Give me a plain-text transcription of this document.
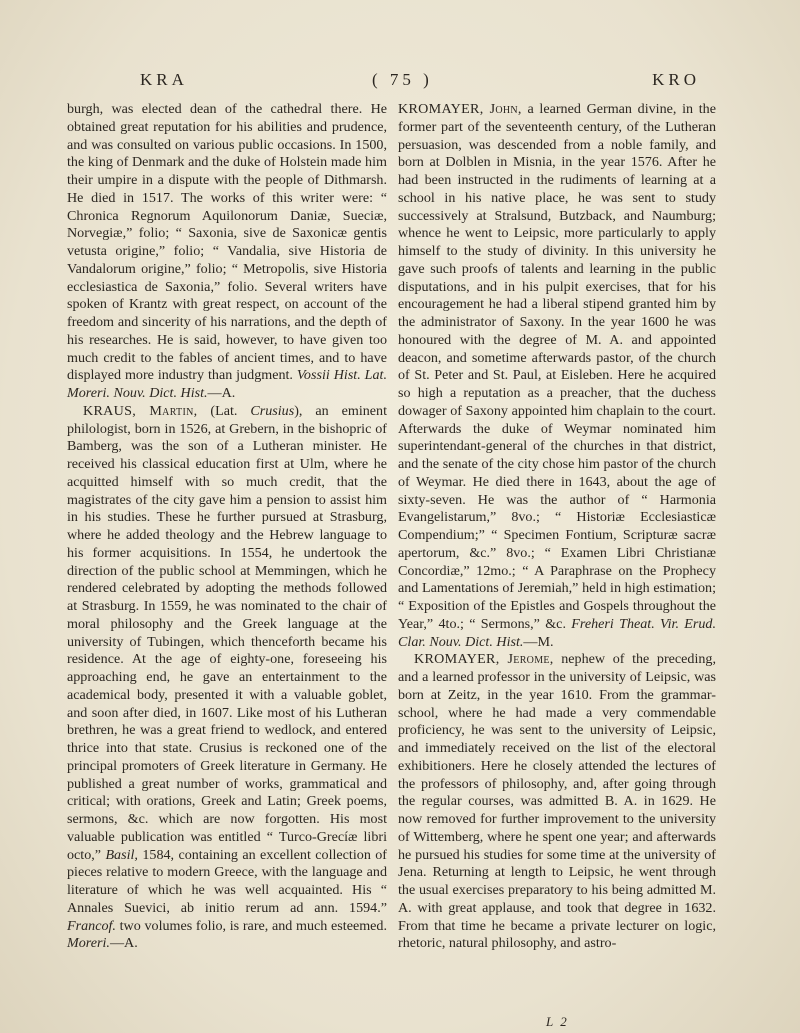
KRA	( 75 )	KRO

burgh, was elected dean of the cathedral there. He obtained great reputation for his abilities and prudence, and was consulted on various public occasions. In 1500, the king of Denmark and the duke of Holstein made him their umpire in a dispute with the people of Dithmarsh. He died in 1517. The works of this writer were: “ Chronica Regnorum Aquilonorum Daniæ, Sueciæ, Norvegiæ,” folio; “ Saxonia, sive de Saxonicæ gentis vetusta origine,” folio; “ Vandalia, sive Historia de Vandalorum origine,” folio; “ Metropolis, sive Historia ecclesiastica de Saxonia,” folio. Several writers have spoken of Krantz with great respect, on account of the freedom and sincerity of his narrations, and the depth of his researches. He is said, however, to have given too much credit to the fables of ancient times, and to have displayed more industry than judgment. Vossii Hist. Lat. Moreri. Nouv. Dict. Hist.—A.

KRAUS, Martin, (Lat. Crusius), an eminent philologist, born in 1526, at Grebern, in the bishopric of Bamberg, was the son of a Lutheran minister. He received his classical education first at Ulm, where he acquitted himself with so much credit, that the magistrates of the city gave him a pension to assist him in his studies. These he further pursued at Strasburg, where he added theology and the Hebrew language to his former acquisitions. In 1554, he undertook the direction of the public school at Memmingen, which he rendered celebrated by adopting the methods followed at Strasburg. In 1559, he was nominated to the chair of moral philosophy and the Greek language at the university of Tubingen, which thenceforth became his residence. At the age of eighty-one, foreseeing his approaching end, he gave an entertainment to the academical body, presented it with a valuable goblet, and soon after died, in 1607. Like most of his Lutheran brethren, he was a great friend to wedlock, and entered thrice into that state. Crusius is reckoned one of the principal promoters of Greek literature in Germany. He published a great number of works, grammatical and critical; with orations, Greek and Latin; Greek poems, sermons, &c. which are now forgotten. His most valuable publication was entitled “ Turco-Grecíæ libri octo,” Basil, 1584, containing an excellent collection of pieces relative to modern Greece, with the language and literature of which he was well acquainted. His “ Annales Suevici, ab initio rerum ad ann. 1594.” Francof. two volumes folio, is rare, and much esteemed. Moreri.—A.

KROMAYER, John, a learned German divine, in the former part of the seventeenth century, of the Lutheran persuasion, was descended from a noble family, and born at Dolblen in Misnia, in the year 1576. After he had been instructed in the rudiments of learning at a school in his native place, he was sent to study successively at Stralsund, Butzback, and Naumburg; whence he went to Leipsic, more particularly to apply himself to the study of divinity. In this university he gave such proofs of talents and learning in the public disputations, and in his pulpit exercises, that for his encouragement he had a liberal stipend granted him by the administrator of Saxony. In the year 1600 he was honoured with the degree of M. A. and appointed deacon, and sometime afterwards pastor, of the church of St. Peter and St. Paul, at Eisleben. Here he acquired so high a reputation as a preacher, that the duchess dowager of Saxony appointed him chaplain to the court. Afterwards the duke of Weymar nominated him superintendant-general of the churches in that district, and the senate of the city chose him pastor of the church of Weymar. He died there in 1643, about the age of sixty-seven. He was the author of “ Harmonia Evangelistarum,” 8vo.; “ Historiæ Ecclesiasticæ Compendium;” “ Specimen Fontium, Scripturæ sacræ apertorum, &c.” 8vo.; “ Examen Libri Christianæ Concordiæ,” 12mo.; “ A Paraphrase on the Prophecy and Lamentations of Jeremiah,” held in high estimation; “ Exposition of the Epistles and Gospels throughout the Year,” 4to.; “ Sermons,” &c. Freheri Theat. Vir. Erud. Clar. Nouv. Dict. Hist.—M.

KROMAYER, Jerome, nephew of the preceding, and a learned professor in the university of Leipsic, was born at Zeitz, in the year 1610. From the grammar-school, where he had made a very commendable proficiency, he was sent to the university of Leipsic, and immediately received on the list of the electoral exhibitioners. Here he closely attended the lectures of the professors of philosophy, and, after going through the regular courses, was admitted B. A. in 1629. He now removed for further improvement to the university of Wittemberg, where he spent one year; and afterwards he pursued his studies for some time at the university of Jena. Returning at length to Leipsic, he went through the usual exercises preparatory to his being admitted M. A. with great applause, and took that degree in 1632. From that time he became a private lecturer on logic, rhetoric, natural philosophy, and astro-

L 2
